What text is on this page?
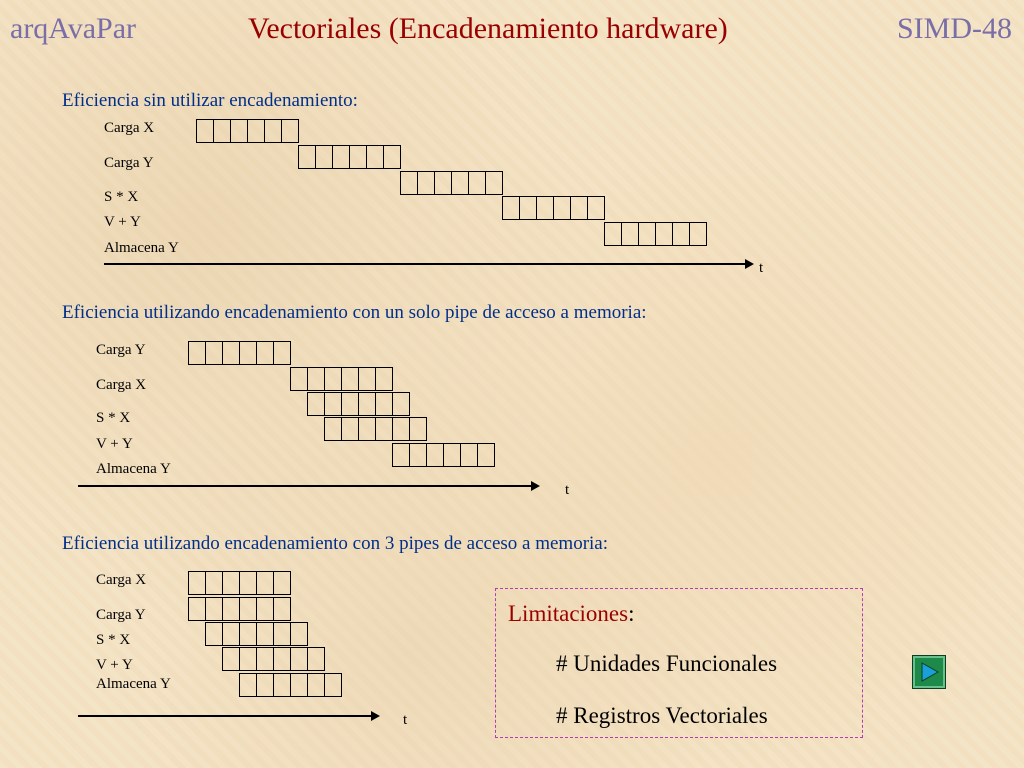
arqAvaPar	Vectoriales (Encadenamiento hardware)	SIMD-48
Eficiencia sin utilizar encadenamiento:
Carga X
Carga Y
S * X
V + Y
Almacena Y
t
Eficiencia utilizando encadenamiento con un solo pipe de acceso a memoria:
Carga Y
Carga X
S * X
V + Y
Almacena Y
t
Eficiencia utilizando encadenamiento con 3 pipes de acceso a memoria:
Carga X
Carga Y
S * X
V + Y
Almacena Y
t
Limitaciones:
# Unidades Funcionales
# Registros Vectoriales
